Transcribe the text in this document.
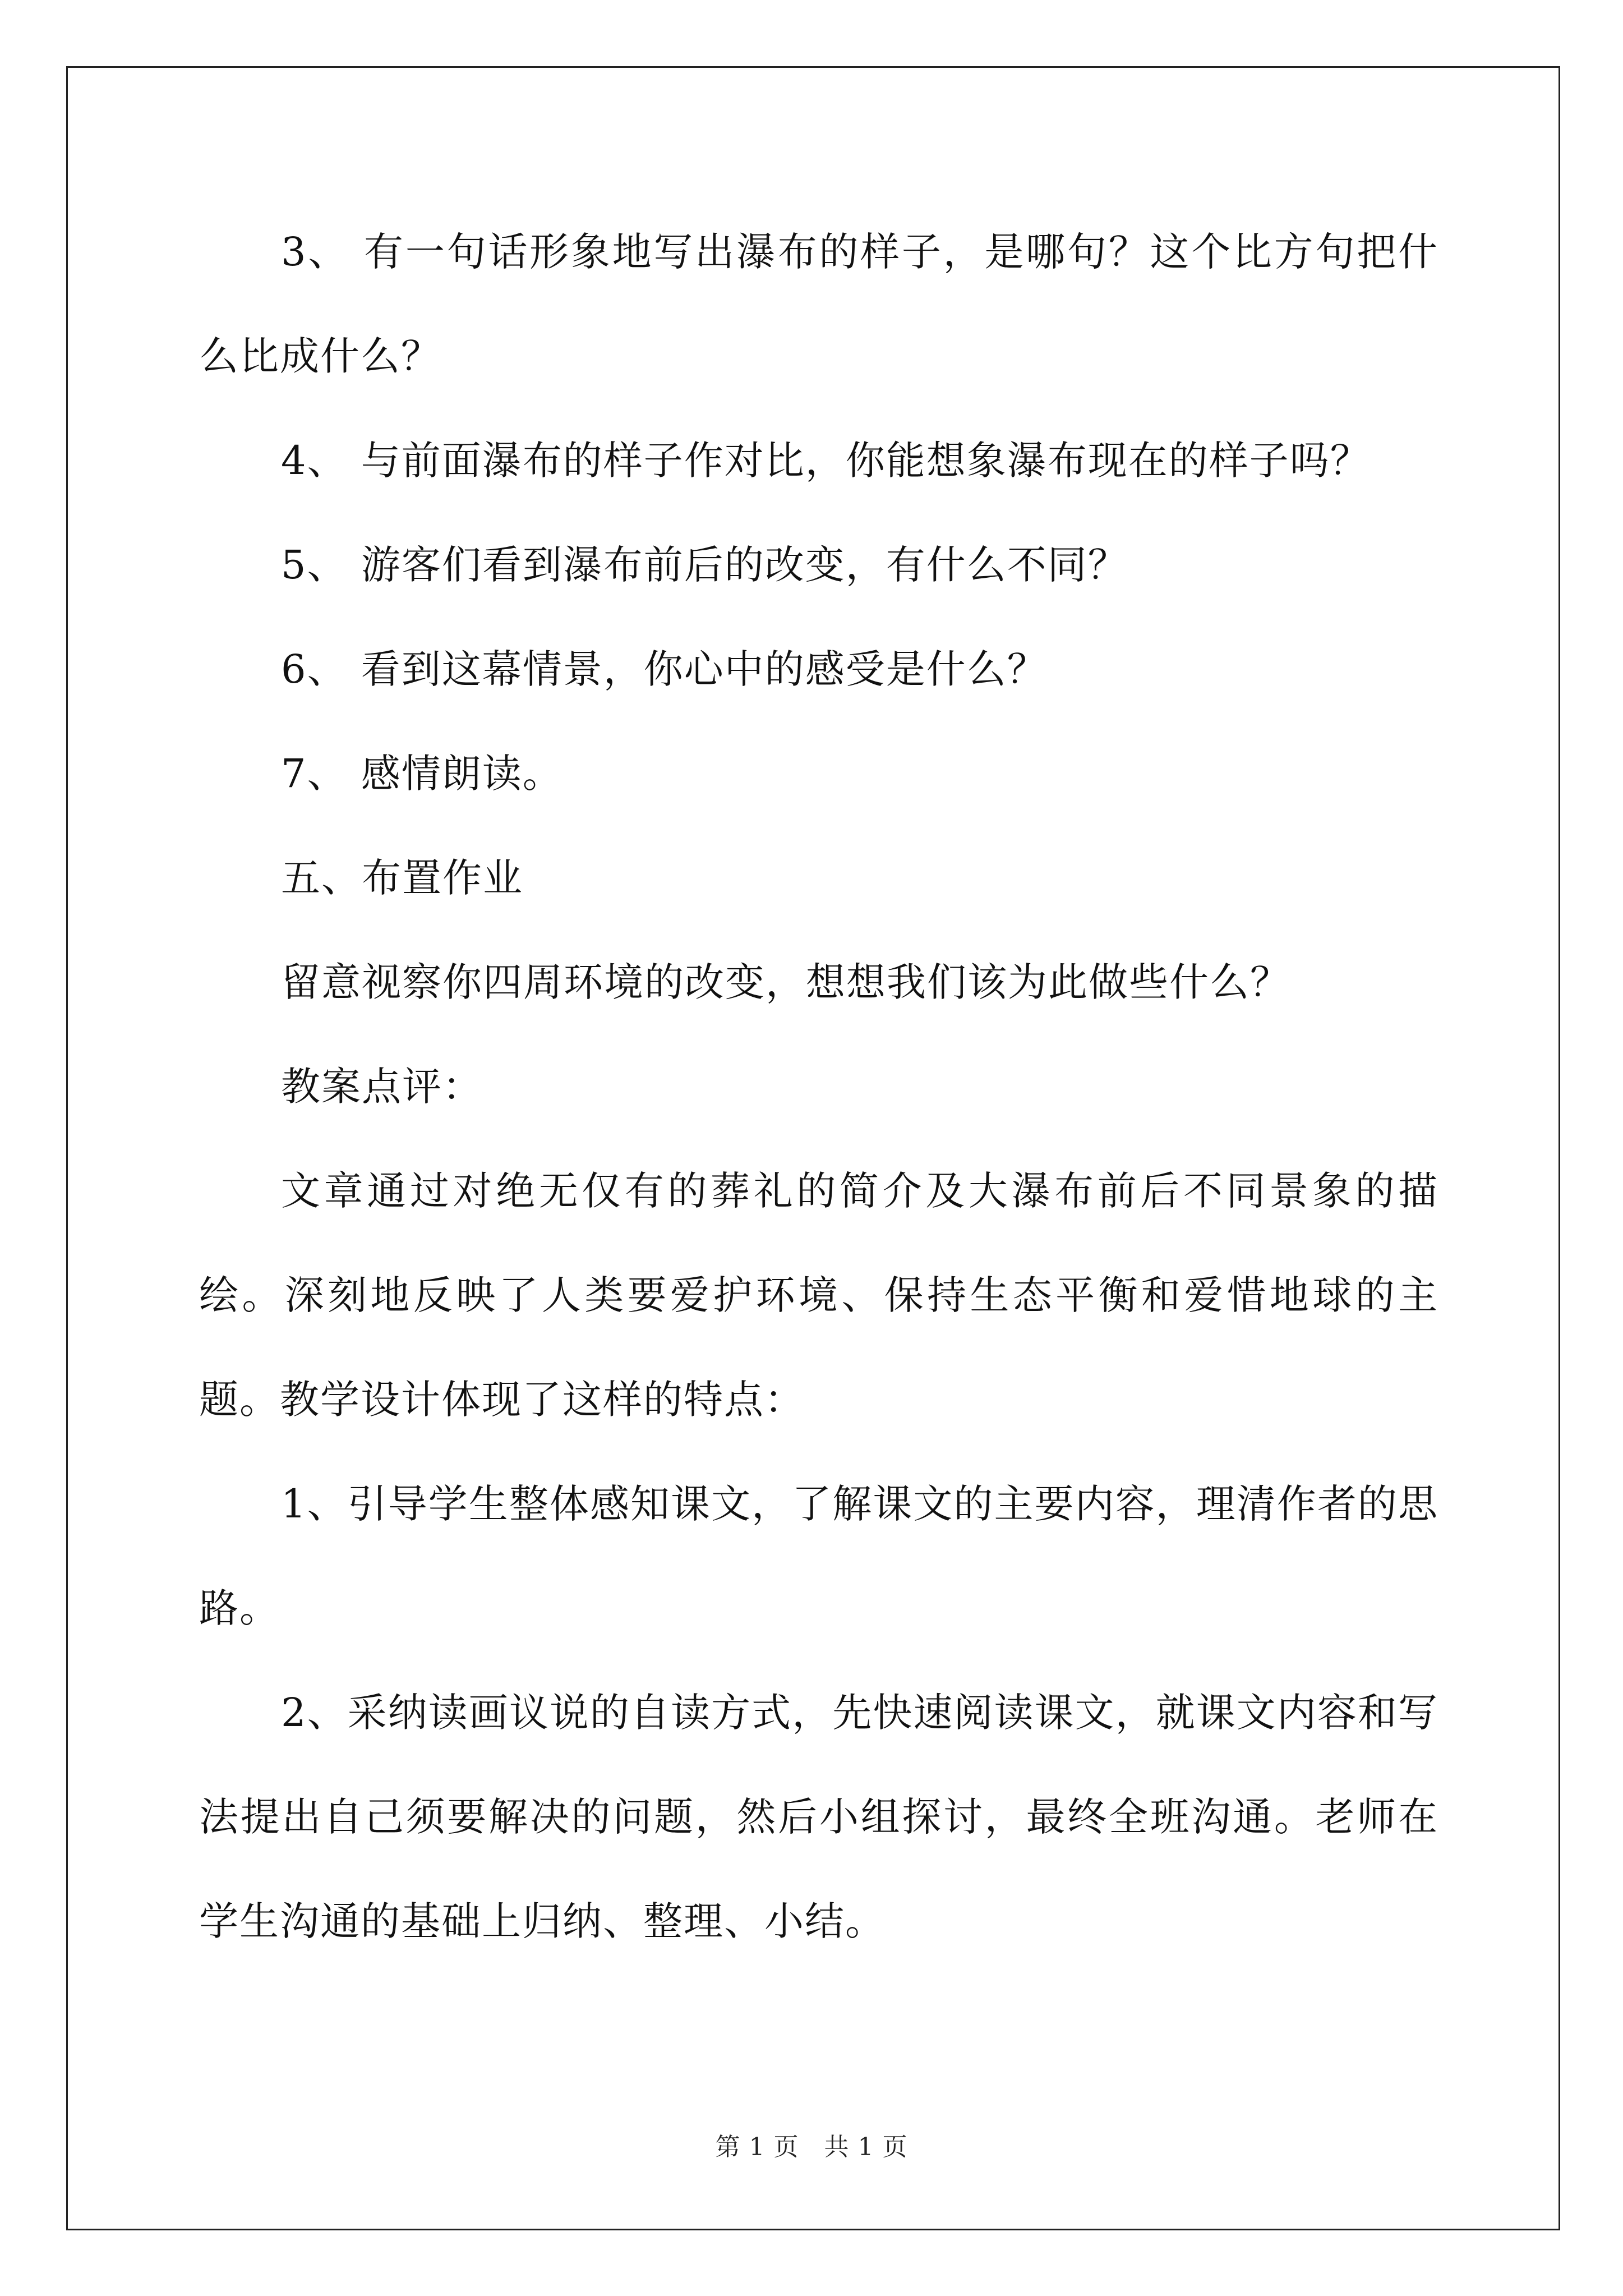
3、 有一句话形象地写出瀑布的样子，是哪句？这个比方句把什么比成什么？

4、 与前面瀑布的样子作对比，你能想象瀑布现在的样子吗？

5、 游客们看到瀑布前后的改变，有什么不同？

6、 看到这幕情景，你心中的感受是什么？

7、 感情朗读。

五、布置作业

留意视察你四周环境的改变，想想我们该为此做些什么？

教案点评：

文章通过对绝无仅有的葬礼的简介及大瀑布前后不同景象的描绘。深刻地反映了人类要爱护环境、保持生态平衡和爱惜地球的主题。教学设计体现了这样的特点：

1、引导学生整体感知课文，了解课文的主要内容，理清作者的思路。

2、采纳读画议说的自读方式，先快速阅读课文，就课文内容和写法提出自己须要解决的问题，然后小组探讨，最终全班沟通。老师在学生沟通的基础上归纳、整理、小结。

第 1 页　共 1 页
